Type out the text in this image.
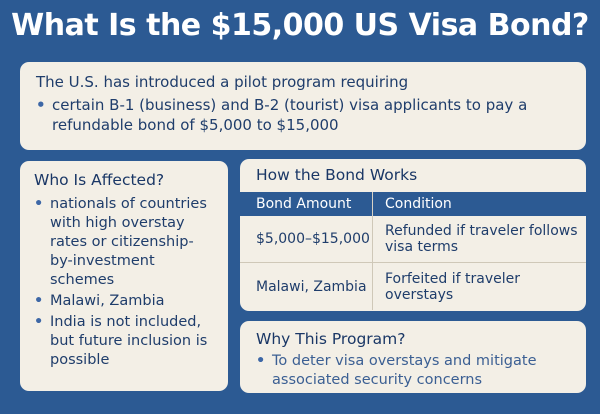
What Is the $15,000 US Visa Bond?

The U.S. has introduced a pilot program requiring

• certain B-1 (business) and B-2 (tourist) visa applicants to pay a refundable bond of $5,000 to $15,000
Who Is Affected?
• nationals of countries with high overstay rates or citizenship-by-investment schemes
• Malawi, Zambia
• India is not included, but future inclusion is possible
How the Bond Works
Bond Amount	Condition
$5,000–$15,000	Refunded if traveler follows visa terms
Malawi, Zambia	Forfeited if traveler overstays
Why This Program?
• To deter visa overstays and mitigate associated security concerns
